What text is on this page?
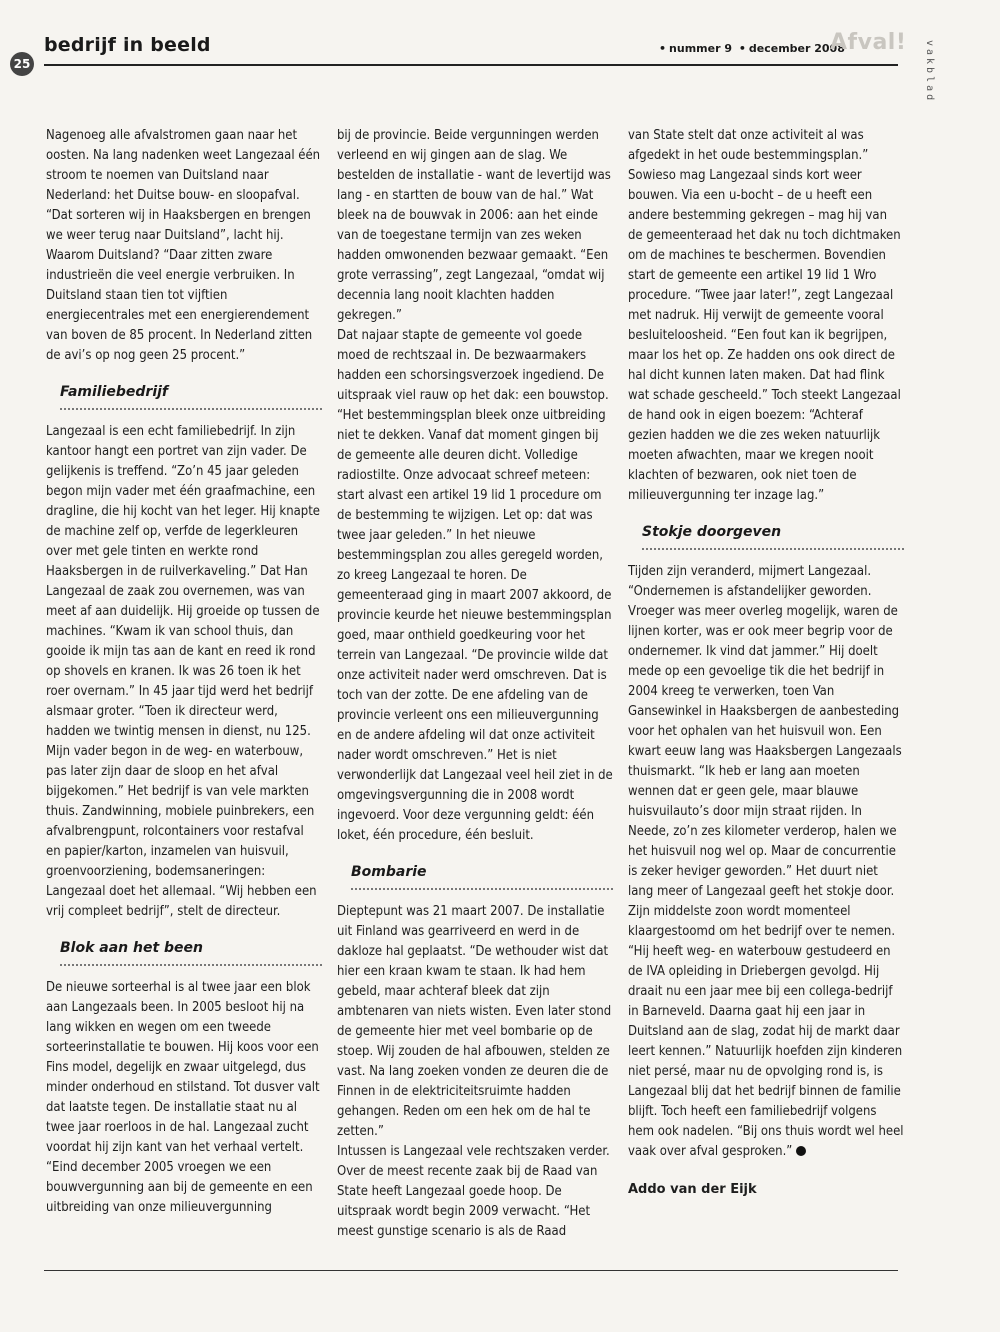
25
bedrijf in beeld	• nummer 9 • december 2008
Afval! vakblad

Nagenoeg alle afvalstromen gaan naar het oosten. Na lang nadenken weet Langezaal één stroom te noemen van Duitsland naar Nederland: het Duitse bouw- en sloopafval. “Dat sorteren wij in Haaksbergen en brengen we weer terug naar Duitsland”, lacht hij. Waarom Duitsland? “Daar zitten zware industrieën die veel energie verbruiken. In Duitsland staan tien tot vijftien energiecentrales met een energierendement van boven de 85 procent. In Nederland zitten de avi’s op nog geen 25 procent.”

Familiebedrijf

Langezaal is een echt familiebedrijf. In zijn kantoor hangt een portret van zijn vader. De gelijkenis is treffend. “Zo’n 45 jaar geleden begon mijn vader met één graafmachine, een dragline, die hij kocht van het leger. Hij knapte de machine zelf op, verfde de legerkleuren over met gele tinten en werkte rond Haaksbergen in de ruilverkaveling.” Dat Han Langezaal de zaak zou overnemen, was van meet af aan duidelijk. Hij groeide op tussen de machines. “Kwam ik van school thuis, dan gooide ik mijn tas aan de kant en reed ik rond op shovels en kranen. Ik was 26 toen ik het roer overnam.” In 45 jaar tijd werd het bedrijf alsmaar groter. “Toen ik directeur werd, hadden we twintig mensen in dienst, nu 125. Mijn vader begon in de weg- en waterbouw, pas later zijn daar de sloop en het afval bijgekomen.” Het bedrijf is van vele markten thuis. Zandwinning, mobiele puinbrekers, een afvalbrengpunt, rolcontainers voor restafval en papier/karton, inzamelen van huisvuil, groenvoorziening, bodemsaneringen: Langezaal doet het allemaal. “Wij hebben een vrij compleet bedrijf”, stelt de directeur.

Blok aan het been

De nieuwe sorteerhal is al twee jaar een blok aan Langezaals been. In 2005 besloot hij na lang wikken en wegen om een tweede sorteerinstallatie te bouwen. Hij koos voor een Fins model, degelijk en zwaar uitgelegd, dus minder onderhoud en stilstand. Tot dusver valt dat laatste tegen. De installatie staat nu al twee jaar roerloos in de hal. Langezaal zucht voordat hij zijn kant van het verhaal vertelt. “Eind december 2005 vroegen we een bouwvergunning aan bij de gemeente en een uitbreiding van onze milieuvergunning

bij de provincie. Beide vergunningen werden verleend en wij gingen aan de slag. We bestelden de installatie - want de levertijd was lang - en startten de bouw van de hal.” Wat bleek na de bouwvak in 2006: aan het einde van de toegestane termijn van zes weken hadden omwonenden bezwaar gemaakt. “Een grote verrassing”, zegt Langezaal, “omdat wij decennia lang nooit klachten hadden gekregen.”

Dat najaar stapte de gemeente vol goede moed de rechtszaal in. De bezwaarmakers hadden een schorsingsverzoek ingediend. De uitspraak viel rauw op het dak: een bouwstop. “Het bestemmingsplan bleek onze uitbreiding niet te dekken. Vanaf dat moment gingen bij de gemeente alle deuren dicht. Volledige radiostilte. Onze advocaat schreef meteen: start alvast een artikel 19 lid 1 procedure om de bestemming te wijzigen. Let op: dat was twee jaar geleden.” In het nieuwe bestemmingsplan zou alles geregeld worden, zo kreeg Langezaal te horen. De gemeenteraad ging in maart 2007 akkoord, de provincie keurde het nieuwe bestemmingsplan goed, maar onthield goedkeuring voor het terrein van Langezaal. “De provincie wilde dat onze activiteit nader werd omschreven. Dat is toch van der zotte. De ene afdeling van de provincie verleent ons een milieuvergunning en de andere afdeling wil dat onze activiteit nader wordt omschreven.” Het is niet verwonderlijk dat Langezaal veel heil ziet in de omgevingsvergunning die in 2008 wordt ingevoerd. Voor deze vergunning geldt: één loket, één procedure, één besluit.

Bombarie

Dieptepunt was 21 maart 2007. De installatie uit Finland was gearriveerd en werd in de dakloze hal geplaatst. “De wethouder wist dat hier een kraan kwam te staan. Ik had hem gebeld, maar achteraf bleek dat zijn ambtenaren van niets wisten. Even later stond de gemeente hier met veel bombarie op de stoep. Wij zouden de hal afbouwen, stelden ze vast. Na lang zoeken vonden ze deuren die de Finnen in de elektriciteitsruimte hadden gehangen. Reden om een hek om de hal te zetten.”

Intussen is Langezaal vele rechtszaken verder. Over de meest recente zaak bij de Raad van State heeft Langezaal goede hoop. De uitspraak wordt begin 2009 verwacht. “Het meest gunstige scenario is als de Raad

van State stelt dat onze activiteit al was afgedekt in het oude bestemmingsplan.” Sowieso mag Langezaal sinds kort weer bouwen. Via een u-bocht – de u heeft een andere bestemming gekregen – mag hij van de gemeenteraad het dak nu toch dichtmaken om de machines te beschermen. Bovendien start de gemeente een artikel 19 lid 1 Wro procedure. “Twee jaar later!”, zegt Langezaal met nadruk. Hij verwijt de gemeente vooral besluiteloosheid. “Een fout kan ik begrijpen, maar los het op. Ze hadden ons ook direct de hal dicht kunnen laten maken. Dat had flink wat schade gescheeld.” Toch steekt Langezaal de hand ook in eigen boezem: “Achteraf gezien hadden we die zes weken natuurlijk moeten afwachten, maar we kregen nooit klachten of bezwaren, ook niet toen de milieuvergunning ter inzage lag.”

Stokje doorgeven

Tijden zijn veranderd, mijmert Langezaal. “Ondernemen is afstandelijker geworden. Vroeger was meer overleg mogelijk, waren de lijnen korter, was er ook meer begrip voor de ondernemer. Ik vind dat jammer.” Hij doelt mede op een gevoelige tik die het bedrijf in 2004 kreeg te verwerken, toen Van Gansewinkel in Haaksbergen de aanbesteding voor het ophalen van het huisvuil won. Een kwart eeuw lang was Haaksbergen Langezaals thuismarkt. “Ik heb er lang aan moeten wennen dat er geen gele, maar blauwe huisvuilauto’s door mijn straat rijden. In Neede, zo’n zes kilometer verderop, halen we het huisvuil nog wel op. Maar de concurrentie is zeker heviger geworden.” Het duurt niet lang meer of Langezaal geeft het stokje door. Zijn middelste zoon wordt momenteel klaargestoomd om het bedrijf over te nemen. “Hij heeft weg- en waterbouw gestudeerd en de IVA opleiding in Driebergen gevolgd. Hij draait nu een jaar mee bij een collega-bedrijf in Barneveld. Daarna gaat hij een jaar in Duitsland aan de slag, zodat hij de markt daar leert kennen.” Natuurlijk hoefden zijn kinderen niet persé, maar nu de opvolging rond is, is Langezaal blij dat het bedrijf binnen de familie blijft. Toch heeft een familiebedrijf volgens hem ook nadelen. “Bij ons thuis wordt wel heel vaak over afval gesproken.”

Addo van der Eijk
